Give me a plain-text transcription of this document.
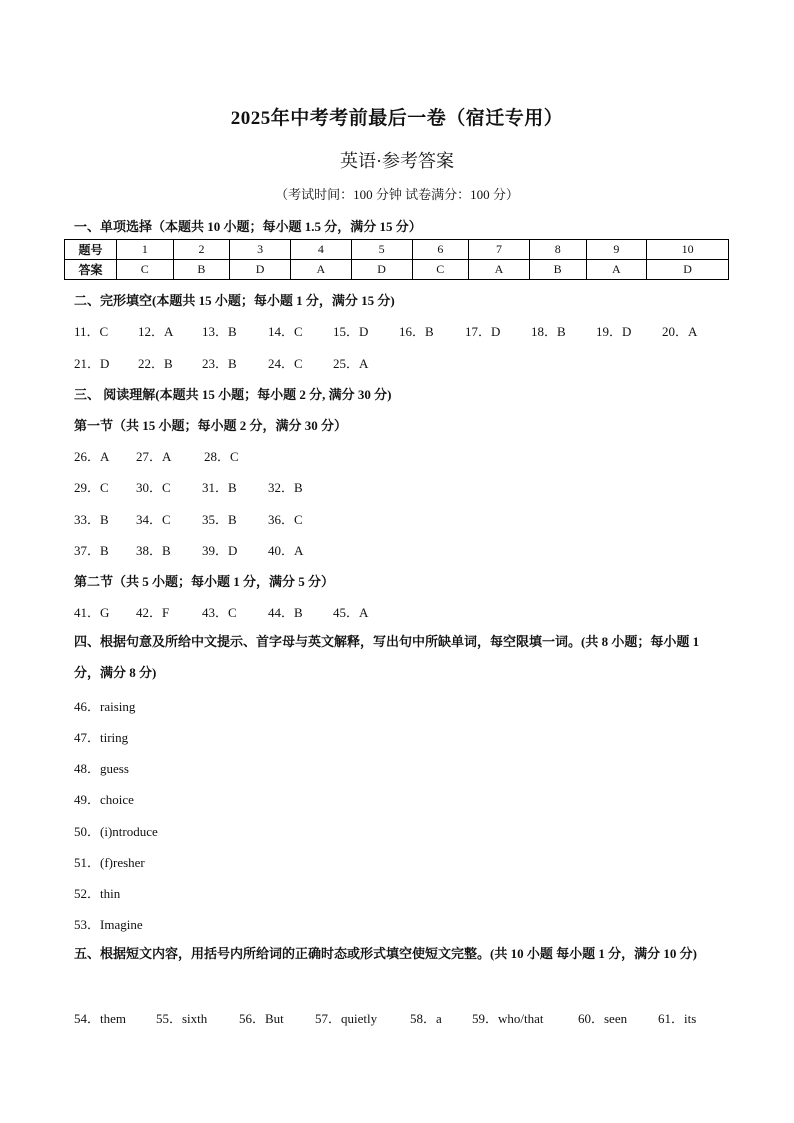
2025年中考考前最后一卷（宿迁专用）
英语·参考答案
（考试时间：100 分钟 试卷满分：100 分）
一、单项选择（本题共 10 小题；每小题 1.5 分，满分 15 分）
题号	1	2	3	4	5	6	7	8	9	10
答案	C	B	D	A	D	C	A	B	A	D
二、完形填空(本题共 15 小题；每小题 1 分，满分 15 分)
11．C 12．A 13．B 14．C 15．D 16．B 17．D 18．B 19．D 20．A
21．D 22．B 23．B 24．C 25．A
三、 阅读理解(本题共 15 小题；每小题 2 分, 满分 30 分)
第一节（共 15 小题；每小题 2 分，满分 30 分）
26．A 27．A	28．C
29．C 30．C 31．B 32．B
33．B 34．C 35．B 36．C
37．B 38．B 39．D 40．A
第二节（共 5 小题；每小题 1 分，满分 5 分）
41．G 42．F	43．C 44．B 45．A
四、根据句意及所给中文提示、首字母与英文解释，写出句中所缺单词，每空限填一词。(共 8 小题；每小题 1 分，满分 8 分)
46．raising
47．tiring
48．guess
49．choice
50．(i)ntroduce
51．(f)resher
52．thin
53．Imagine
五、根据短文内容，用括号内所给词的正确时态或形式填空使短文完整。(共 10 小题 每小题 1 分，满分 10 分)
54．them 55．sixth 56．But 57．quietly	58．a 59．who/that	60．seen 61．its
